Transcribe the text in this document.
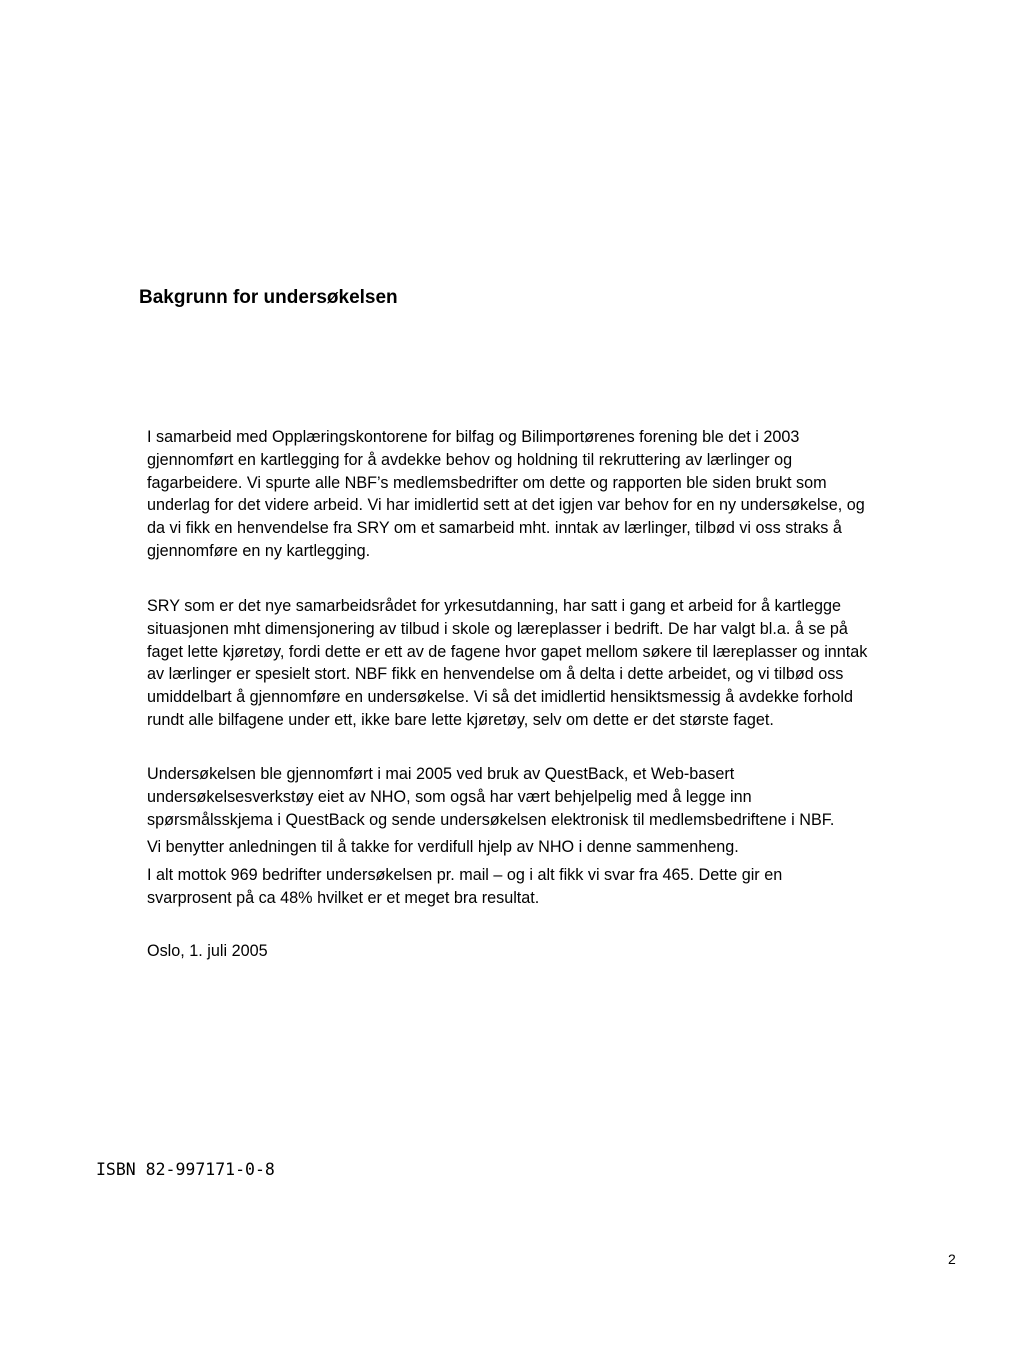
Bakgrunn for undersøkelsen
I samarbeid med Opplæringskontorene for bilfag og Bilimportørenes forening ble det i 2003
gjennomført en kartlegging for å avdekke behov og holdning til rekruttering av lærlinger og
fagarbeidere. Vi spurte alle NBF’s medlemsbedrifter om dette og rapporten ble siden brukt som
underlag for det videre arbeid. Vi har imidlertid sett at det igjen var behov for en ny undersøkelse, og
da vi fikk en henvendelse fra SRY om et samarbeid mht. inntak av lærlinger, tilbød vi oss straks å
gjennomføre en ny kartlegging.
SRY som er det nye samarbeidsrådet for yrkesutdanning, har satt i gang et arbeid for å kartlegge
situasjonen mht dimensjonering av tilbud i skole og læreplasser i bedrift. De har valgt bl.a. å se på
faget lette kjøretøy, fordi dette er ett av de fagene hvor gapet mellom søkere til læreplasser og inntak
av lærlinger er spesielt stort. NBF fikk en henvendelse om å delta i dette arbeidet, og vi tilbød oss
umiddelbart å gjennomføre en undersøkelse. Vi så det imidlertid hensiktsmessig å avdekke forhold
rundt alle bilfagene under ett, ikke bare lette kjøretøy, selv om dette er det største faget.
Undersøkelsen ble gjennomført i mai 2005 ved bruk av QuestBack, et Web-basert
undersøkelsesverkstøy eiet av NHO, som også har vært behjelpelig med å legge inn
spørsmålsskjema i QuestBack og sende undersøkelsen elektronisk til medlemsbedriftene i NBF.
Vi benytter anledningen til å takke for verdifull hjelp av NHO i denne sammenheng.
I alt mottok 969 bedrifter undersøkelsen pr. mail – og i alt fikk vi svar fra 465. Dette gir en
svarprosent på ca 48% hvilket er et meget bra resultat.
Oslo, 1. juli 2005
ISBN 82-997171-0-8
2
